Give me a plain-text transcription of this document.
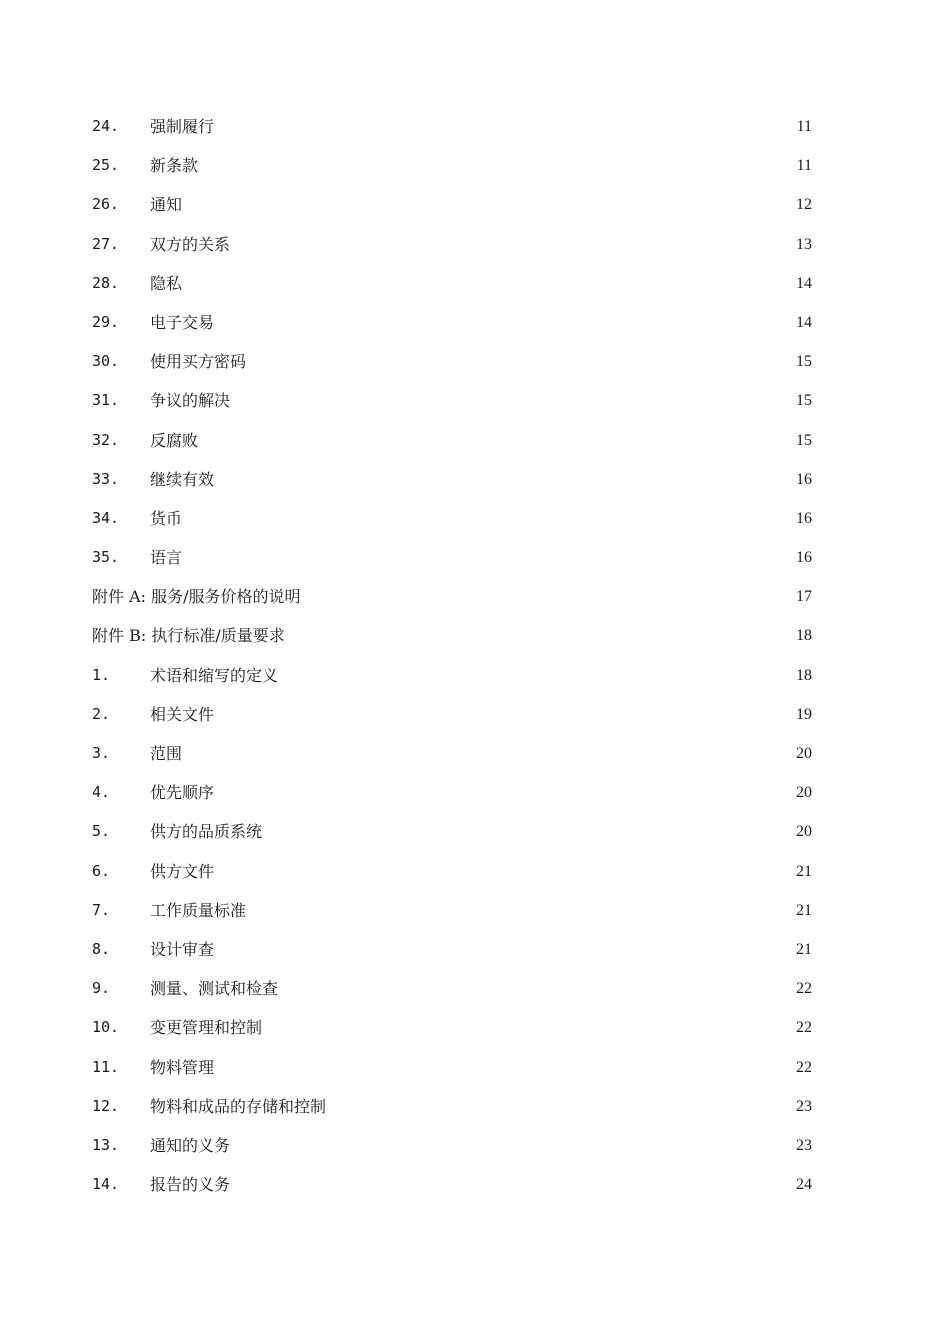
24. 强制履行	11
25. 新条款	11
26. 通知	12
27. 双方的关系	13
28. 隐私	14
29. 电子交易	14
30. 使用买方密码	15
31. 争议的解决	15
32. 反腐败	15
33. 继续有效	16
34. 货币	16
35. 语言	16
附件 A: 服务/服务价格的说明	17
附件 B: 执行标准/质量要求	18
1. 术语和缩写的定义	18
2. 相关文件	19
3. 范围	20
4. 优先顺序	20
5. 供方的品质系统	20
6. 供方文件	21
7. 工作质量标准	21
8. 设计审查	21
9. 测量、测试和检查	22
10. 变更管理和控制	22
11. 物料管理	22
12. 物料和成品的存储和控制	23
13. 通知的义务	23
14. 报告的义务	24
